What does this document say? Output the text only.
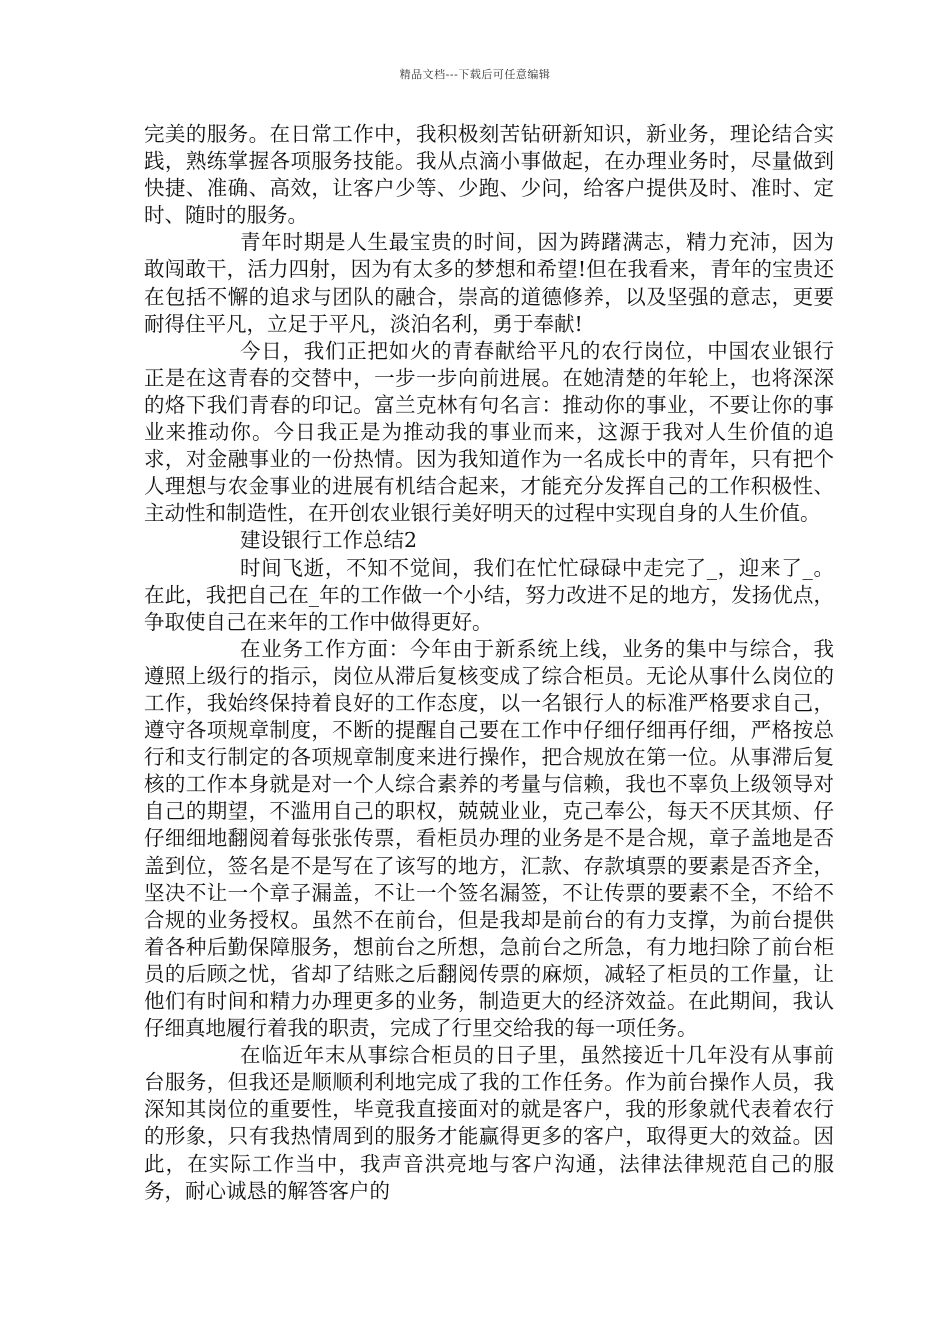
精品文档---下载后可任意编辑

完美的服务。在日常工作中，我积极刻苦钻研新知识，新业务，理论结合实践，熟练掌握各项服务技能。我从点滴小事做起，在办理业务时，尽量做到快捷、准确、高效，让客户少等、少跑、少问，给客户提供及时、准时、定时、随时的服务。

青年时期是人生最宝贵的时间，因为踌躇满志，精力充沛，因为敢闯敢干，活力四射，因为有太多的梦想和希望!但在我看来，青年的宝贵还在包括不懈的追求与团队的融合，崇高的道德修养，以及坚强的意志，更要耐得住平凡，立足于平凡，淡泊名利，勇于奉献!

今日，我们正把如火的青春献给平凡的农行岗位，中国农业银行正是在这青春的交替中，一步一步向前进展。在她清楚的年轮上，也将深深的烙下我们青春的印记。富兰克林有句名言：推动你的事业，不要让你的事业来推动你。今日我正是为推动我的事业而来，这源于我对人生价值的追求，对金融事业的一份热情。因为我知道作为一名成长中的青年，只有把个人理想与农金事业的进展有机结合起来，才能充分发挥自己的工作积极性、主动性和制造性，在开创农业银行美好明天的过程中实现自身的人生价值。

建设银行工作总结2

时间飞逝，不知不觉间，我们在忙忙碌碌中走完了_，迎来了_。在此，我把自己在_年的工作做一个小结，努力改进不足的地方，发扬优点，争取使自己在来年的工作中做得更好。

在业务工作方面：今年由于新系统上线，业务的集中与综合，我遵照上级行的指示，岗位从滞后复核变成了综合柜员。无论从事什么岗位的工作，我始终保持着良好的工作态度，以一名银行人的标准严格要求自己，遵守各项规章制度，不断的提醒自己要在工作中仔细仔细再仔细，严格按总行和支行制定的各项规章制度来进行操作，把合规放在第一位。从事滞后复核的工作本身就是对一个人综合素养的考量与信赖，我也不辜负上级领导对自己的期望，不滥用自己的职权，兢兢业业，克己奉公，每天不厌其烦、仔仔细细地翻阅着每张张传票，看柜员办理的业务是不是合规，章子盖地是否盖到位，签名是不是写在了该写的地方，汇款、存款填票的要素是否齐全，坚决不让一个章子漏盖，不让一个签名漏签，不让传票的要素不全，不给不合规的业务授权。虽然不在前台，但是我却是前台的有力支撑，为前台提供着各种后勤保障服务，想前台之所想，急前台之所急，有力地扫除了前台柜员的后顾之忧，省却了结账之后翻阅传票的麻烦，减轻了柜员的工作量，让他们有时间和精力办理更多的业务，制造更大的经济效益。在此期间，我认仔细真地履行着我的职责，完成了行里交给我的每一项任务。

在临近年末从事综合柜员的日子里，虽然接近十几年没有从事前台服务，但我还是顺顺利利地完成了我的工作任务。作为前台操作人员，我深知其岗位的重要性，毕竟我直接面对的就是客户，我的形象就代表着农行的形象，只有我热情周到的服务才能赢得更多的客户，取得更大的效益。因此，在实际工作当中，我声音洪亮地与客户沟通，法律法律规范自己的服务，耐心诚恳的解答客户的
